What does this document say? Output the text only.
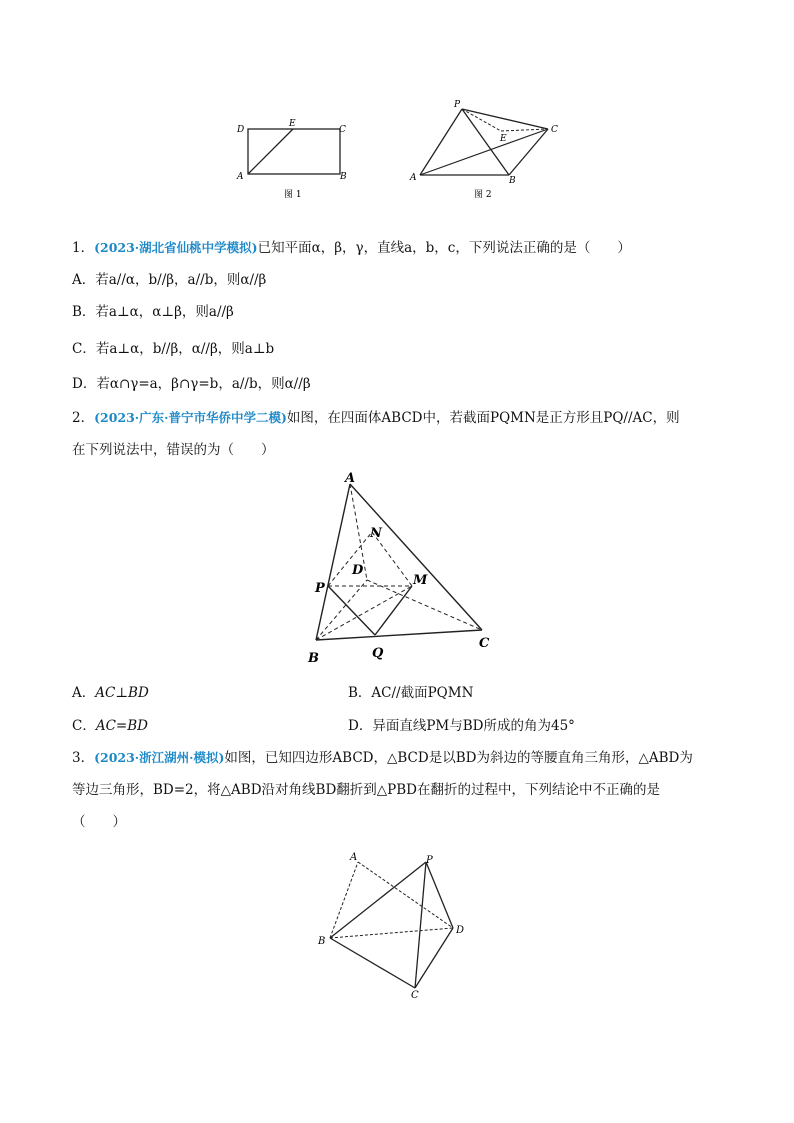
D
E
C
A	B
图 1
P
E
C
A	B
图 2
1．(2023·湖北省仙桃中学模拟)已知平面α，β，γ，直线a，b，c，下列说法正确的是（　　）
A．若a//α，b//β，a//b，则α//β
B．若a⊥α，α⊥β，则a//β
C．若a⊥α，b//β，α//β，则a⊥b
D．若α∩γ=a，β∩γ=b，a//b，则α//β
2．(2023·广东·普宁市华侨中学二模)如图，在四面体ABCD中，若截面PQMN是正方形且PQ//AC，则
在下列说法中，错误的为（　　）
A
N
D
M
P
B	Q
C
A．AC⊥BD	B．AC//截面PQMN
C．AC=BD	D．异面直线PM与BD所成的角为45°
3．(2023·浙江湖州·模拟)如图，已知四边形ABCD，△BCD是以BD为斜边的等腰直角三角形，△ABD为
等边三角形，BD=2，将△ABD沿对角线BD翻折到△PBD在翻折的过程中，下列结论中不正确的是
（　　）
A	P
B
D
C
